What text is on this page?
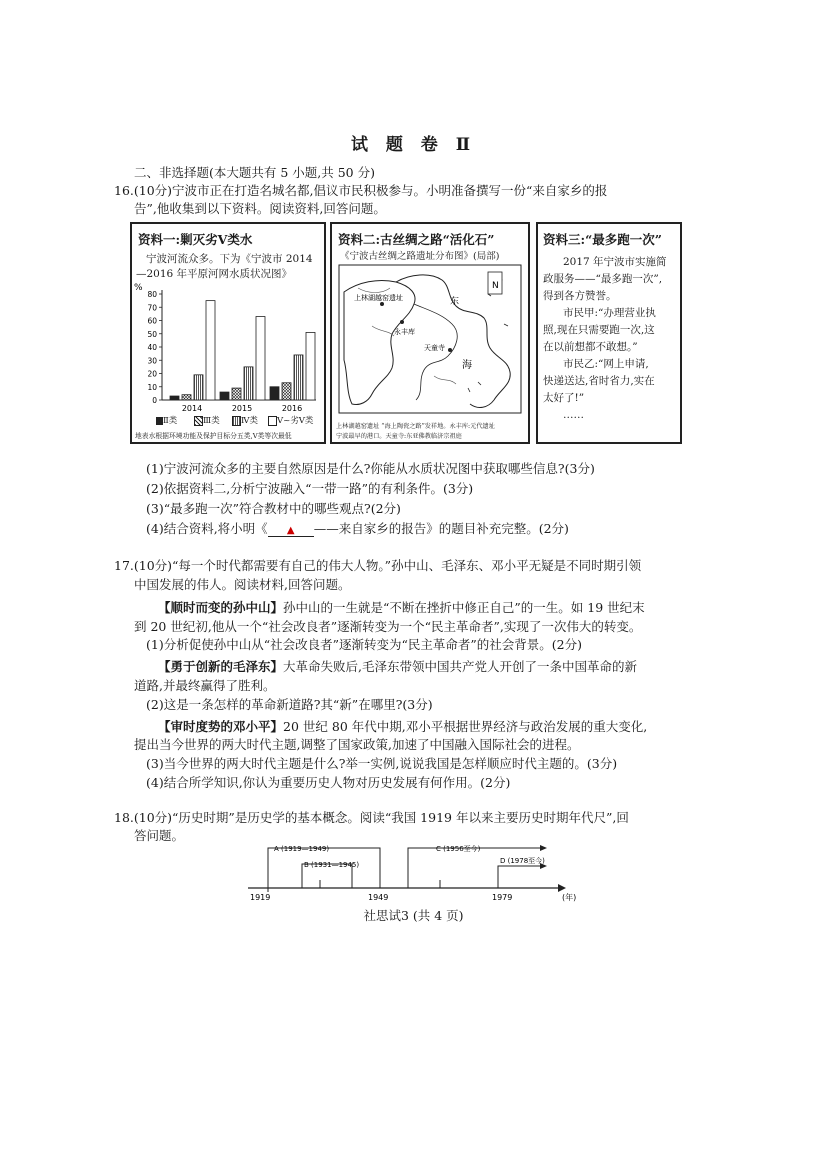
试 题 卷 Ⅱ
二、非选择题(本大题共有 5 小题,共 50 分)
16.(10分)宁波市正在打造名城名都,倡议市民积极参与。小明准备撰写一份“来自家乡的报
告”,他收集到以下资料。阅读资料,回答问题。
资料一:剿灭劣Ⅴ类水
宁波河流众多。下为《宁波市 2014
—2016 年平原河网水质状况图》
%
0
10
20
30
40
50
60
70
80
2014	2015	2016
Ⅱ类	Ⅲ类	Ⅳ类	Ⅴ~劣Ⅴ类
地表水根据环境功能及保护目标分五类,Ⅴ类等次最低
资料二:古丝绸之路“活化石”
《宁波古丝绸之路遗址分布图》(局部)
N
上林湖越窑遗址	东
永丰库
天童寺
海
上林湖越窑遗址 “海上陶瓷之路”发祥地。永丰库:元代遗址
宁波最早的港口。天童寺:东亚佛教临济宗祖庭
资料三:“最多跑一次”
2017 年宁波市实施简
政服务——“最多跑一次”,
得到各方赞誉。
市民甲:“办理营业执
照,现在只需要跑一次,这
在以前想都不敢想。”
市民乙:“网上申请,
快递送达,省时省力,实在
太好了!”
……
(1)宁波河流众多的主要自然原因是什么?你能从水质状况图中获取哪些信息?(3分)
(2)依据资料二,分析宁波融入“一带一路”的有利条件。(3分)
(3)“最多跑一次”符合教材中的哪些观点?(2分)
(4)结合资料,将小明《 ▲ ——来自家乡的报告》的题目补充完整。(2分)
17.(10分)“每一个时代都需要有自己的伟大人物。”孙中山、毛泽东、邓小平无疑是不同时期引领
中国发展的伟人。阅读材料,回答问题。
【顺时而变的孙中山】孙中山的一生就是“不断在挫折中修正自己”的一生。如 19 世纪末
到 20 世纪初,他从一个“社会改良者”逐渐转变为一个“民主革命者”,实现了一次伟大的转变。
(1)分析促使孙中山从“社会改良者”逐渐转变为“民主革命者”的社会背景。(2分)
【勇于创新的毛泽东】大革命失败后,毛泽东带领中国共产党人开创了一条中国革命的新
道路,并最终赢得了胜利。
(2)这是一条怎样的革命新道路?其“新”在哪里?(3分)
【审时度势的邓小平】20 世纪 80 年代中期,邓小平根据世界经济与政治发展的重大变化,
提出当今世界的两大时代主题,调整了国家政策,加速了中国融入国际社会的进程。
(3)当今世界的两大时代主题是什么?举一实例,说说我国是怎样顺应时代主题的。(3分)
(4)结合所学知识,你认为重要历史人物对历史发展有何作用。(2分)
18.(10分)“历史时期”是历史学的基本概念。阅读“我国 1919 年以来主要历史时期年代尺”,回
答问题。
A (1919—1949)
B (1931—1945)
C (1956至今)
D (1978至今)
1919	1949	1979	(年)
社思试3 (共 4 页)
